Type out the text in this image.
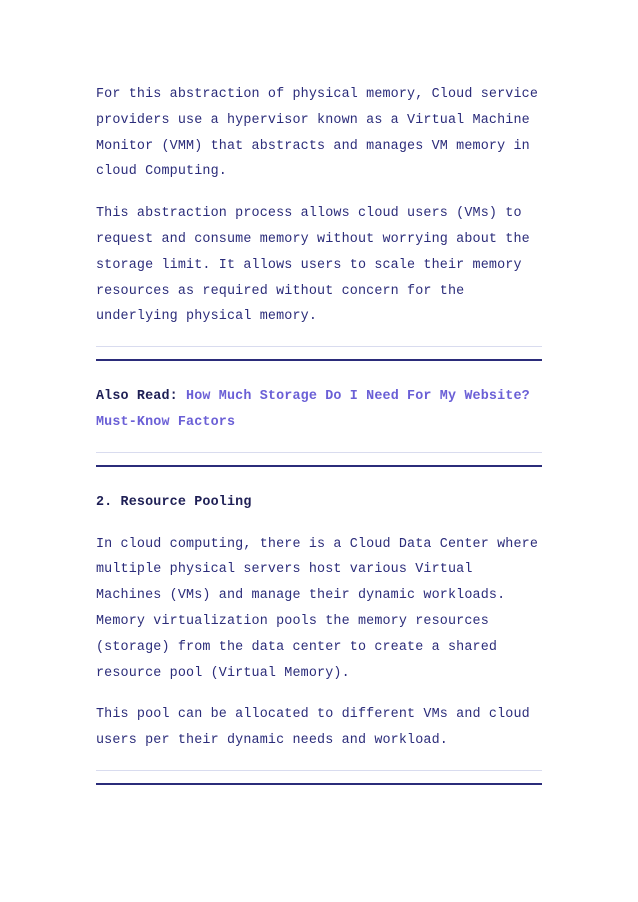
For this abstraction of physical memory, Cloud service providers use a hypervisor known as a Virtual Machine Monitor (VMM) that abstracts and manages VM memory in cloud Computing.

This abstraction process allows cloud users (VMs) to request and consume memory without worrying about the storage limit. It allows users to scale their memory resources as required without concern for the underlying physical memory.

Also Read: How Much Storage Do I Need For My Website? Must-Know Factors
2. Resource Pooling

In cloud computing, there is a Cloud Data Center where multiple physical servers host various Virtual Machines (VMs) and manage their dynamic workloads. Memory virtualization pools the memory resources (storage) from the data center to create a shared resource pool (Virtual Memory).

This pool can be allocated to different VMs and cloud users per their dynamic needs and workload.
